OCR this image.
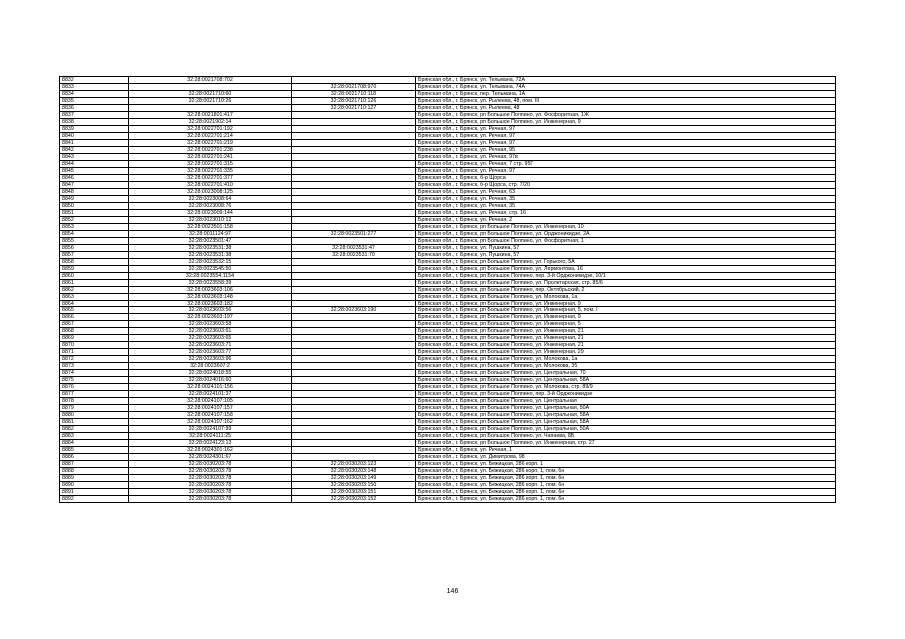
8832	32:28:0021708:702		Брянская обл., г. Брянск, ул. Тельмана, 72А
8833		32:28:0021708:970	Брянская обл., г. Брянск, ул. Тельмана, 74А
8834	32:28:0021710:60	32:28:0021710:118	Брянская обл., г. Брянск, пер. Тельмана, 1А
8835	32:28:0021710:26	32:28:0021710:126	Брянская обл., г. Брянск, ул. Рылеева, 48, пом. III
8836		32:28:0021710:127	Брянская обл., г. Брянск, ул. Рылеева, 48
8837	32:28:0021801:417		Брянская обл., г. Брянск, рп Большое Полпино, ул. Фосфоритная, 1Ж
8838	32:28:0021902:14		Брянская обл., г. Брянск, рп Большое Полпино, ул. Инженерная, 9
8839	32:28:0022701:192		Брянская обл., г. Брянск, ул. Речная, 97
8840	32:28:0022701:214		Брянская обл., г. Брянск, ул. Речная, 97
8841	32:28:0022701:219		Брянская обл., г. Брянск, ул. Речная, 97
8842	32:28:0022701:238		Брянская обл., г. Брянск, ул. Речная, 95
8843	32:28:0022701:241		Брянская обл., г. Брянск, ул. Речная, 97в
8844	32:28:0022701:315		Брянская обл., г. Брянск, ул. Речная, 7 стр. 95Г
8845	32:28:0022701:335		Брянская обл., г. Брянск, ул. Речная, 97
8846	32:28:0022701:377		Брянская обл., г. Брянск, б-р Щорса
8847	32:28:0022701:410		Брянская обл., г. Брянск, б-р Щорса, стр. 7/20
8848	32:28:0023008:125		Брянская обл., г. Брянск, ул. Речная, 63
8849	32:28:0023008:64		Брянская обл., г. Брянск, ул. Речная, 35
8850	32:28:0023008:76		Брянская обл., г. Брянск, ул. Речная, 35
8851	32:28:0023009:144		Брянская обл., г. Брянск, ул. Речная, стр. 16
8852	32:28:0023010:12		Брянская обл., г. Брянск, ул. Речная, 2
8853	32:28:0023501:158		Брянская обл., г. Брянск, рп Большое Полпино, ул. Инженерная, 10
8854	32:28:0011124:97	32:28:0023501:277	Брянская обл., г. Брянск, рп Большое Полпино, ул. Орджоникидзе, 2А
8855	32:28:0023501:47		Брянская обл., г. Брянск, рп Большое Полпино, ул. Фосфоритная, 1
8856	32:28:0023531:38	32:28:0023531:47	Брянская обл., г. Брянск, ул. Пушкина, 57
8857	32:28:0023531:38	32:28:0023531:70	Брянская обл., г. Брянск, ул. Пушкина, 57
8858	32:28:0023532:15		Брянская обл., г. Брянск, рп Большое Полпино, ул. Горького, 5А
8859	32:28:0023545:50		Брянская обл., г. Брянск, рп Большое Полпино, ул. Лермонтова, 16
8860	32:28:0023554:1154		Брянская обл., г. Брянск, рп Большое Полпино, пер. 3-й Орджоникидзе, 10/1
8861	32:28:0023558:39		Брянская обл., г. Брянск, рп Большое Полпино, ул. Пролетарская, стр. 85/6
8862	32:28:0023603:106		Брянская обл., г. Брянск, рп Большое Полпино, пер. Октябрьский, 2
8863	32:28:0023603:148		Брянская обл., г. Брянск, рп Большое Полпино, ул. Молокова, 1а
8864	32:28:0023603:182		Брянская обл., г. Брянск, рп Большое Полпино, ул. Инженерная, 9
8865	32:28:0023603:56	32:28:0023603:190	Брянская обл., г. Брянск, рп Большое Полпино, ул. Инженерная, 5, пом. I
8866	32:28:0023603:197		Брянская обл., г. Брянск, рп Большое Полпино, ул. Инженерная, 9
8867	32:28:0023603:58		Брянская обл., г. Брянск, рп Большое Полпино, ул. Инженерная, 5
8868	32:28:0023603:61		Брянская обл., г. Брянск, рп Большое Полпино, ул. Инженерная, 21
8869	32:28:0023603:65		Брянская обл., г. Брянск, рп Большое Полпино, ул. Инженерная, 21
8870	32:28:0023603:71		Брянская обл., г. Брянск, рп Большое Полпино, ул. Инженерная, 21
8871	32:28:0023603:77		Брянская обл., г. Брянск, рп Большое Полпино, ул. Инженерная, 29
8872	32:28:0023603:96		Брянская обл., г. Брянск, рп Большое Полпино, ул. Молокова, 1а
8873	32:28:0023607:2		Брянская обл., г. Брянск, рп Большое Полпино, ул. Молокова, 35
8874	32:28:0024018:55		Брянская обл., г. Брянск, рп Большое Полпино, ул. Центральная, 70
8875	32:28:0024016:60		Брянская обл., г. Брянск, рп Большое Полпино, ул. Центральная, 58А
8876	32:28:0024101:156		Брянская обл., г. Брянск, рп Большое Полпино, ул. Молокова, стр. 89/9
8877	32:28:0024101:37		Брянская обл., г. Брянск, рп Большое Полпино, пер. 3-й Орджоникидзе
8878	32:28:0024107:105		Брянская обл., г. Брянск, рп Большое Полпино, ул. Центральная
8879	32:28:0024107:157		Брянская обл., г. Брянск, рп Большое Полпино, ул. Центральная, 50А
8880	32:28:0024107:158		Брянская обл., г. Брянск, рп Большое Полпино, ул. Центральная, 58А
8881	32:28:0024107:162		Брянская обл., г. Брянск, рп Большое Полпино, ул. Центральная, 58А
8882	32:28:0024107:99		Брянская обл., г. Брянск, рп Большое Полпино, ул. Центральная, 50А
8883	32:28:0024111:25		Брянская обл., г. Брянск, рп Большое Полпино, ул. Чапаева, 8Б
8884	32:28:0024123:13		Брянская обл., г. Брянск, рп Большое Полпино, ул. Инженерная, стр. 27
8885	32:28:0024301:162		Брянская обл., г. Брянск, ул. Речная, 1
8886	32:28:0024301:67		Брянская обл., г. Брянск, ул. Димитрова, 98
8887	32:28:0030203:78	32:28:0030203:123	Брянская обл., г. Брянск, ул. Бежицкая, 286 корп. 1
8888	32:28:0030203:78	32:28:0030203:148	Брянская обл., г. Брянск, ул. Бежицкая, 286 корп. 1, пом. 6н
8889	32:28:0030203:78	32:28:0030203:149	Брянская обл., г. Брянск, ул. Бежицкая, 286 корп. 1, пом. 6н
8890	32:28:0030203:78	32:28:0030203:150	Брянская обл., г. Брянск, ул. Бежицкая, 286 корп. 1, пом. 6н
8891	32:28:0030203:78	32:28:0030203:151	Брянская обл., г. Брянск, ул. Бежицкая, 286 корп. 1, пом. 6н
8892	32:28:0030203:78	32:28:0030203:152	Брянская обл., г. Брянск, ул. Бежицкая, 286 корп. 1, пом. 6н
146
